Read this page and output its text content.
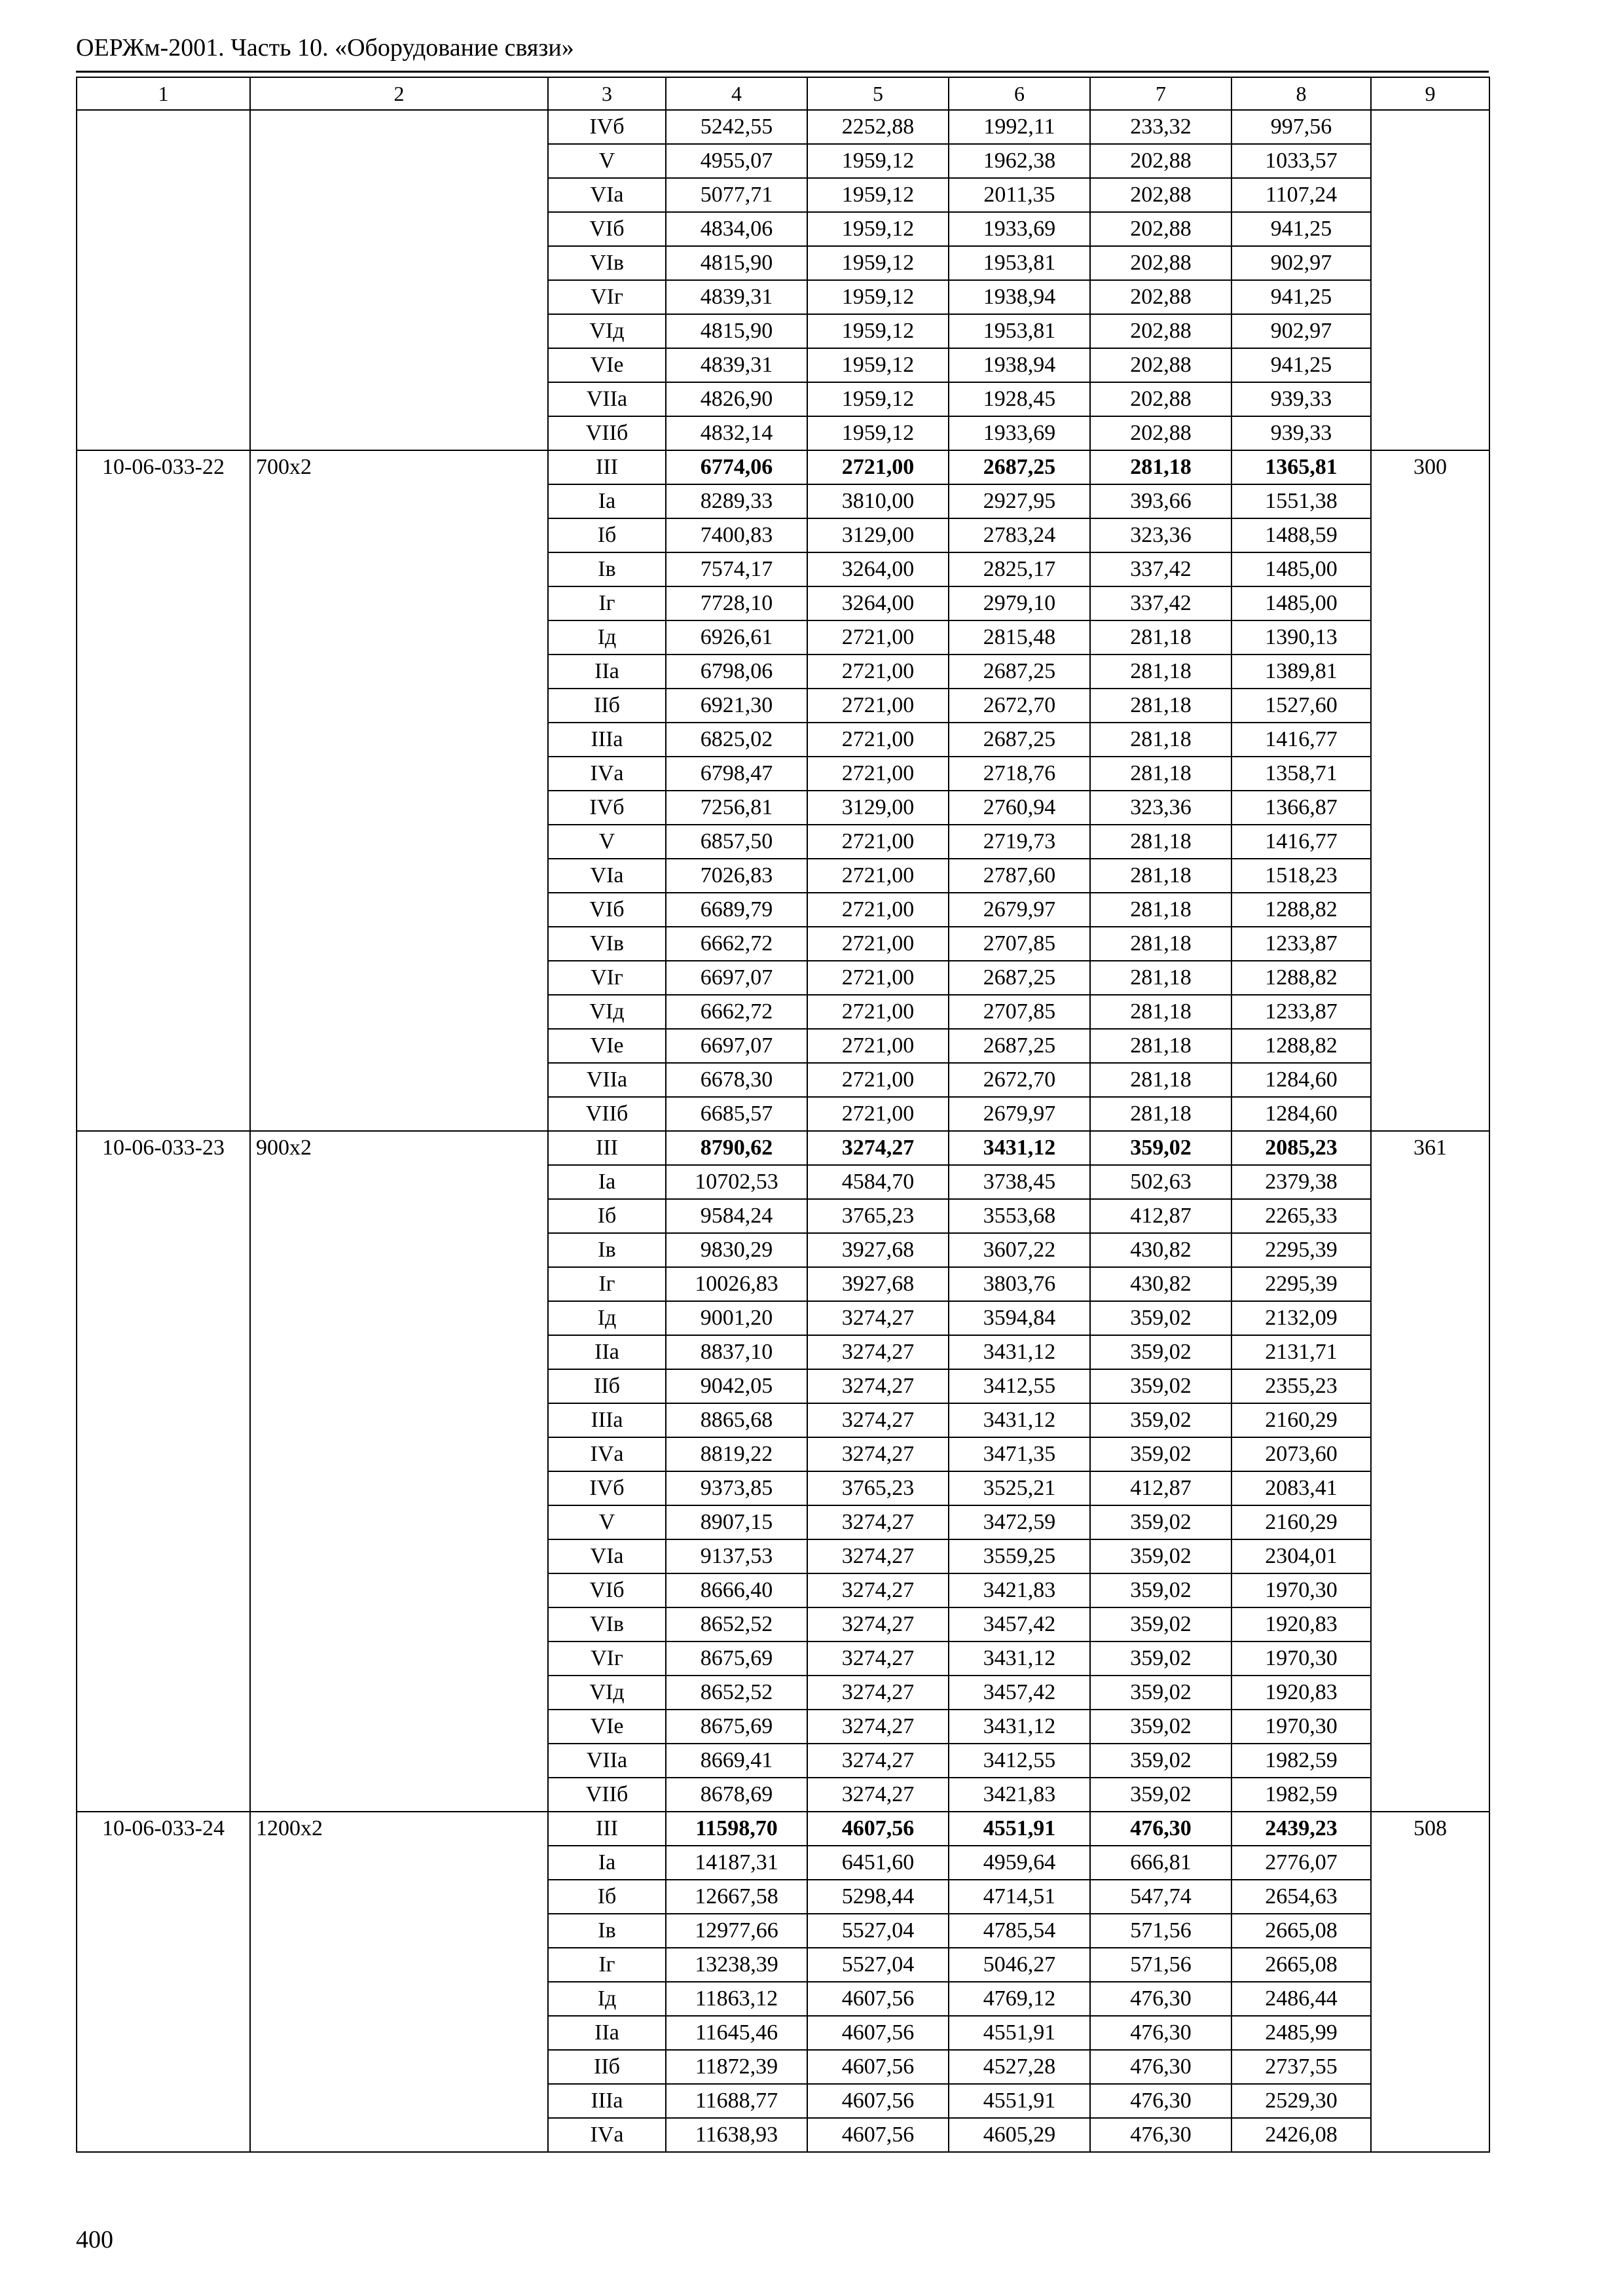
ОЕРЖм-2001. Часть 10. «Оборудование связи»
1	2	3	4	5	6	7	8	9
		IVб	5242,55	2252,88	1992,11	233,32	997,56	
		V	4955,07	1959,12	1962,38	202,88	1033,57	
		VIа	5077,71	1959,12	2011,35	202,88	1107,24	
		VIб	4834,06	1959,12	1933,69	202,88	941,25	
		VIв	4815,90	1959,12	1953,81	202,88	902,97	
		VIг	4839,31	1959,12	1938,94	202,88	941,25	
		VIд	4815,90	1959,12	1953,81	202,88	902,97	
		VIе	4839,31	1959,12	1938,94	202,88	941,25	
		VIIа	4826,90	1959,12	1928,45	202,88	939,33	
		VIIб	4832,14	1959,12	1933,69	202,88	939,33	
10-06-033-22	700x2	III	6774,06	2721,00	2687,25	281,18	1365,81	300
		Iа	8289,33	3810,00	2927,95	393,66	1551,38	
		Iб	7400,83	3129,00	2783,24	323,36	1488,59	
		Iв	7574,17	3264,00	2825,17	337,42	1485,00	
		Iг	7728,10	3264,00	2979,10	337,42	1485,00	
		Iд	6926,61	2721,00	2815,48	281,18	1390,13	
		IIа	6798,06	2721,00	2687,25	281,18	1389,81	
		IIб	6921,30	2721,00	2672,70	281,18	1527,60	
		IIIа	6825,02	2721,00	2687,25	281,18	1416,77	
		IVа	6798,47	2721,00	2718,76	281,18	1358,71	
		IVб	7256,81	3129,00	2760,94	323,36	1366,87	
		V	6857,50	2721,00	2719,73	281,18	1416,77	
		VIа	7026,83	2721,00	2787,60	281,18	1518,23	
		VIб	6689,79	2721,00	2679,97	281,18	1288,82	
		VIв	6662,72	2721,00	2707,85	281,18	1233,87	
		VIг	6697,07	2721,00	2687,25	281,18	1288,82	
		VIд	6662,72	2721,00	2707,85	281,18	1233,87	
		VIе	6697,07	2721,00	2687,25	281,18	1288,82	
		VIIа	6678,30	2721,00	2672,70	281,18	1284,60	
		VIIб	6685,57	2721,00	2679,97	281,18	1284,60	
10-06-033-23	900x2	III	8790,62	3274,27	3431,12	359,02	2085,23	361
		Iа	10702,53	4584,70	3738,45	502,63	2379,38	
		Iб	9584,24	3765,23	3553,68	412,87	2265,33	
		Iв	9830,29	3927,68	3607,22	430,82	2295,39	
		Iг	10026,83	3927,68	3803,76	430,82	2295,39	
		Iд	9001,20	3274,27	3594,84	359,02	2132,09	
		IIа	8837,10	3274,27	3431,12	359,02	2131,71	
		IIб	9042,05	3274,27	3412,55	359,02	2355,23	
		IIIа	8865,68	3274,27	3431,12	359,02	2160,29	
		IVа	8819,22	3274,27	3471,35	359,02	2073,60	
		IVб	9373,85	3765,23	3525,21	412,87	2083,41	
		V	8907,15	3274,27	3472,59	359,02	2160,29	
		VIа	9137,53	3274,27	3559,25	359,02	2304,01	
		VIб	8666,40	3274,27	3421,83	359,02	1970,30	
		VIв	8652,52	3274,27	3457,42	359,02	1920,83	
		VIг	8675,69	3274,27	3431,12	359,02	1970,30	
		VIд	8652,52	3274,27	3457,42	359,02	1920,83	
		VIе	8675,69	3274,27	3431,12	359,02	1970,30	
		VIIа	8669,41	3274,27	3412,55	359,02	1982,59	
		VIIб	8678,69	3274,27	3421,83	359,02	1982,59	
10-06-033-24	1200x2	III	11598,70	4607,56	4551,91	476,30	2439,23	508
		Iа	14187,31	6451,60	4959,64	666,81	2776,07	
		Iб	12667,58	5298,44	4714,51	547,74	2654,63	
		Iв	12977,66	5527,04	4785,54	571,56	2665,08	
		Iг	13238,39	5527,04	5046,27	571,56	2665,08	
		Iд	11863,12	4607,56	4769,12	476,30	2486,44	
		IIа	11645,46	4607,56	4551,91	476,30	2485,99	
		IIб	11872,39	4607,56	4527,28	476,30	2737,55	
		IIIа	11688,77	4607,56	4551,91	476,30	2529,30	
		IVа	11638,93	4607,56	4605,29	476,30	2426,08	
400
